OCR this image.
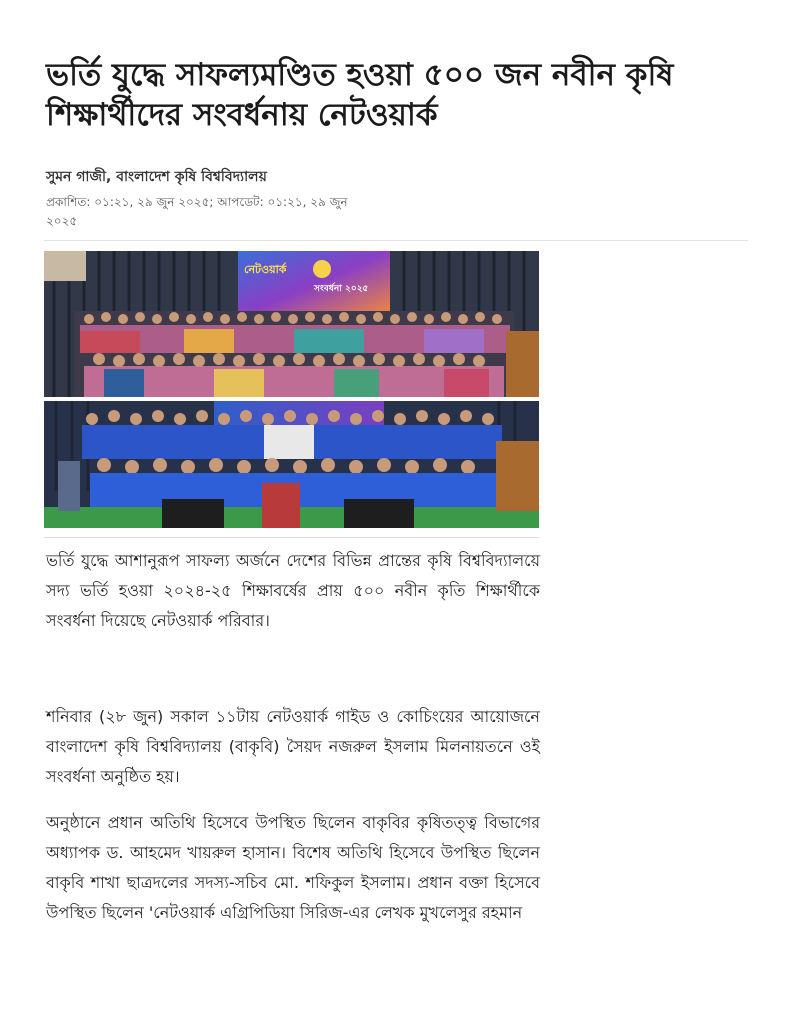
ভর্তি যুদ্ধে সাফল্যমণ্ডিত হওয়া ৫০০ জন নবীন কৃষি শিক্ষার্থীদের সংবর্ধনায় নেটওয়ার্ক
সুমন গাজী, বাংলাদেশ কৃষি বিশ্ববিদ্যালয়
প্রকাশিত: ০১:২১, ২৯ জুন ২০২৫; আপডেট: ০১:২১, ২৯ জুন ২০২৫
নেটওয়ার্ক
সংবর্ধনা ২০২৫

ভর্তি যুদ্ধে আশানুরূপ সাফল্য অর্জনে দেশের বিভিন্ন প্রান্তের কৃষি বিশ্ববিদ্যালয়ে সদ্য ভর্তি হওয়া ২০২৪-২৫ শিক্ষাবর্ষের প্রায় ৫০০ নবীন কৃতি শিক্ষার্থীকে সংবর্ধনা দিয়েছে নেটওয়ার্ক পরিবার।

শনিবার (২৮ জুন) সকাল ১১টায় নেটওয়ার্ক গাইড ও কোচিংয়ের আয়োজনে বাংলাদেশ কৃষি বিশ্ববিদ্যালয় (বাকৃবি) সৈয়দ নজরুল ইসলাম মিলনায়তনে ওই সংবর্ধনা অনুষ্ঠিত হয়।

অনুষ্ঠানে প্রধান অতিথি হিসেবে উপস্থিত ছিলেন বাকৃবির কৃষিতত্ত্ব বিভাগের অধ্যাপক ড. আহমেদ খায়রুল হাসান। বিশেষ অতিথি হিসেবে উপস্থিত ছিলেন বাকৃবি শাখা ছাত্রদলের সদস্য-সচিব মো. শফিকুল ইসলাম। প্রধান বক্তা হিসেবে উপস্থিত ছিলেন 'নেটওয়ার্ক এগ্রিপিডিয়া সিরিজ-এর লেখক মুখলেসুর রহমান
